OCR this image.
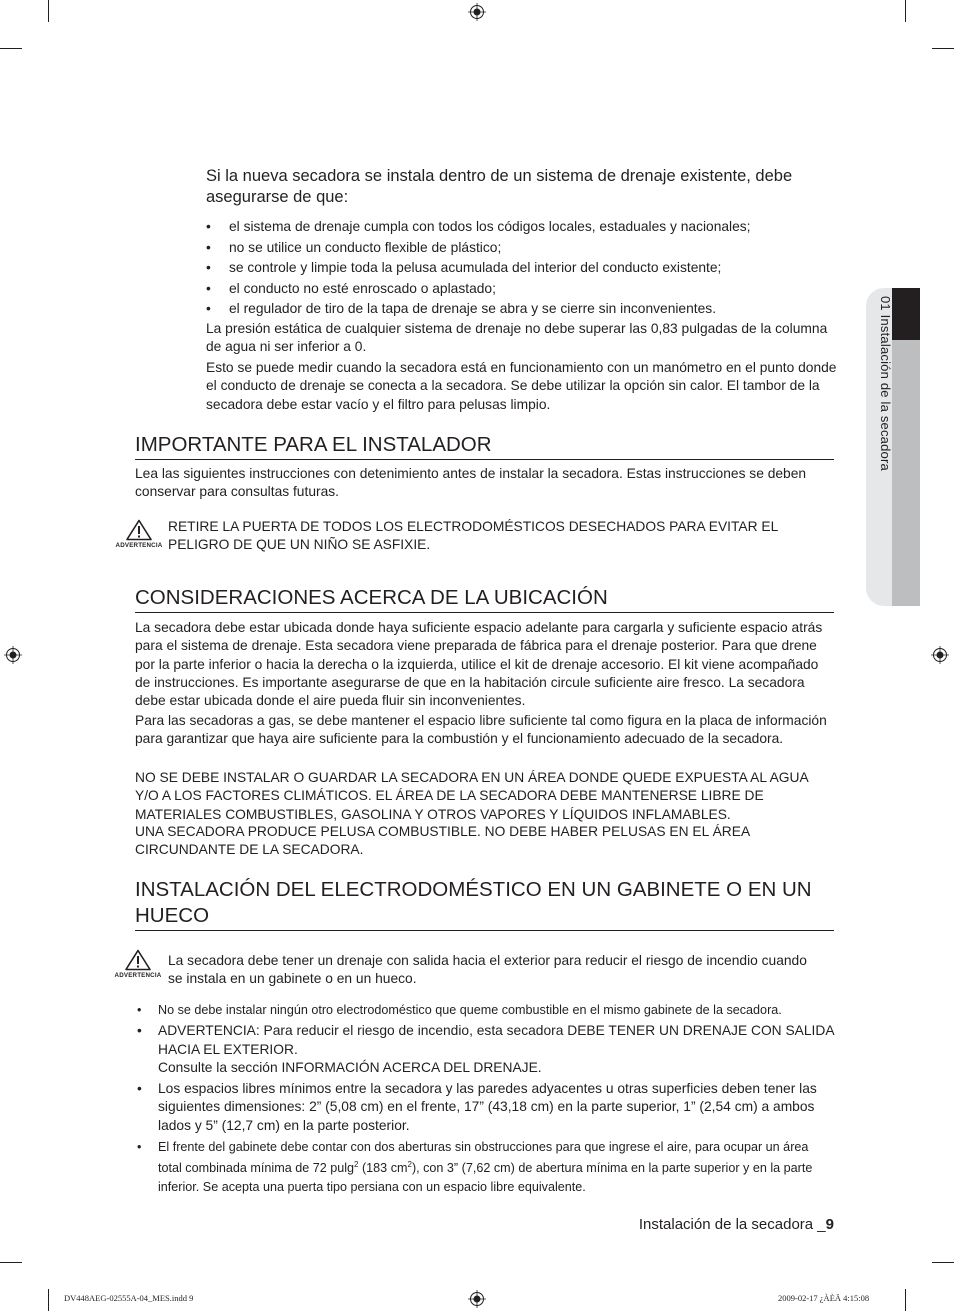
01 Instalación de la secadora
Si la nueva secadora se instala dentro de un sistema de drenaje existente, debe asegurarse de que:
• el sistema de drenaje cumpla con todos los códigos locales, estaduales y nacionales;
• no se utilice un conducto flexible de plástico;
• se controle y limpie toda la pelusa acumulada del interior del conducto existente;
• el conducto no esté enroscado o aplastado;
• el regulador de tiro de la tapa de drenaje se abra y se cierre sin inconvenientes.
La presión estática de cualquier sistema de drenaje no debe superar las 0,83 pulgadas de la columna de agua ni ser inferior a 0.
Esto se puede medir cuando la secadora está en funcionamiento con un manómetro en el punto donde el conducto de drenaje se conecta a la secadora. Se debe utilizar la opción sin calor. El tambor de la secadora debe estar vacío y el filtro para pelusas limpio.
IMPORTANTE PARA EL INSTALADOR
Lea las siguientes instrucciones con detenimiento antes de instalar la secadora. Estas instrucciones se deben conservar para consultas futuras.
ADVERTENCIA
RETIRE LA PUERTA DE TODOS LOS ELECTRODOMÉSTICOS DESECHADOS PARA EVITAR EL PELIGRO DE QUE UN NIÑO SE ASFIXIE.
CONSIDERACIONES ACERCA DE LA UBICACIÓN
La secadora debe estar ubicada donde haya suficiente espacio adelante para cargarla y suficiente espacio atrás para el sistema de drenaje. Esta secadora viene preparada de fábrica para el drenaje posterior. Para que drene por la parte inferior o hacia la derecha o la izquierda, utilice el kit de drenaje accesorio. El kit viene acompañado de instrucciones. Es importante asegurarse de que en la habitación circule suficiente aire fresco. La secadora debe estar ubicada donde el aire pueda fluir sin inconvenientes.
Para las secadoras a gas, se debe mantener el espacio libre suficiente tal como figura en la placa de información para garantizar que haya aire suficiente para la combustión y el funcionamiento adecuado de la secadora.
NO SE DEBE INSTALAR O GUARDAR LA SECADORA EN UN ÁREA DONDE QUEDE EXPUESTA AL AGUA Y/O A LOS FACTORES CLIMÁTICOS. EL ÁREA DE LA SECADORA DEBE MANTENERSE LIBRE DE MATERIALES COMBUSTIBLES, GASOLINA Y OTROS VAPORES Y LÍQUIDOS INFLAMABLES.
UNA SECADORA PRODUCE PELUSA COMBUSTIBLE. NO DEBE HABER PELUSAS EN EL ÁREA CIRCUNDANTE DE LA SECADORA.
INSTALACIÓN DEL ELECTRODOMÉSTICO EN UN GABINETE O EN UN HUECO
ADVERTENCIA
La secadora debe tener un drenaje con salida hacia el exterior para reducir el riesgo de incendio cuando se instala en un gabinete o en un hueco.
• No se debe instalar ningún otro electrodoméstico que queme combustible en el mismo gabinete de la secadora.
• ADVERTENCIA: Para reducir el riesgo de incendio, esta secadora DEBE TENER UN DRENAJE CON SALIDA HACIA EL EXTERIOR.
Consulte la sección INFORMACIÓN ACERCA DEL DRENAJE.
• Los espacios libres mínimos entre la secadora y las paredes adyacentes u otras superficies deben tener las siguientes dimensiones: 2” (5,08 cm) en el frente, 17” (43,18 cm) en la parte superior, 1” (2,54 cm) a ambos lados y 5” (12,7 cm) en la parte posterior.
• El frente del gabinete debe contar con dos aberturas sin obstrucciones para que ingrese el aire, para ocupar un área total combinada mínima de 72 pulg$^2$ (183 $cm^2$), con 3” (7,62 cm) de abertura mínima en la parte superior y en la parte inferior. Se acepta una puerta tipo persiana con un espacio libre equivalente.
Instalación de la secadora _9
DV448AEG-02555A-04_MES.indd 9	2009-02-17 ¿ÀÈÄ 4:15:08
